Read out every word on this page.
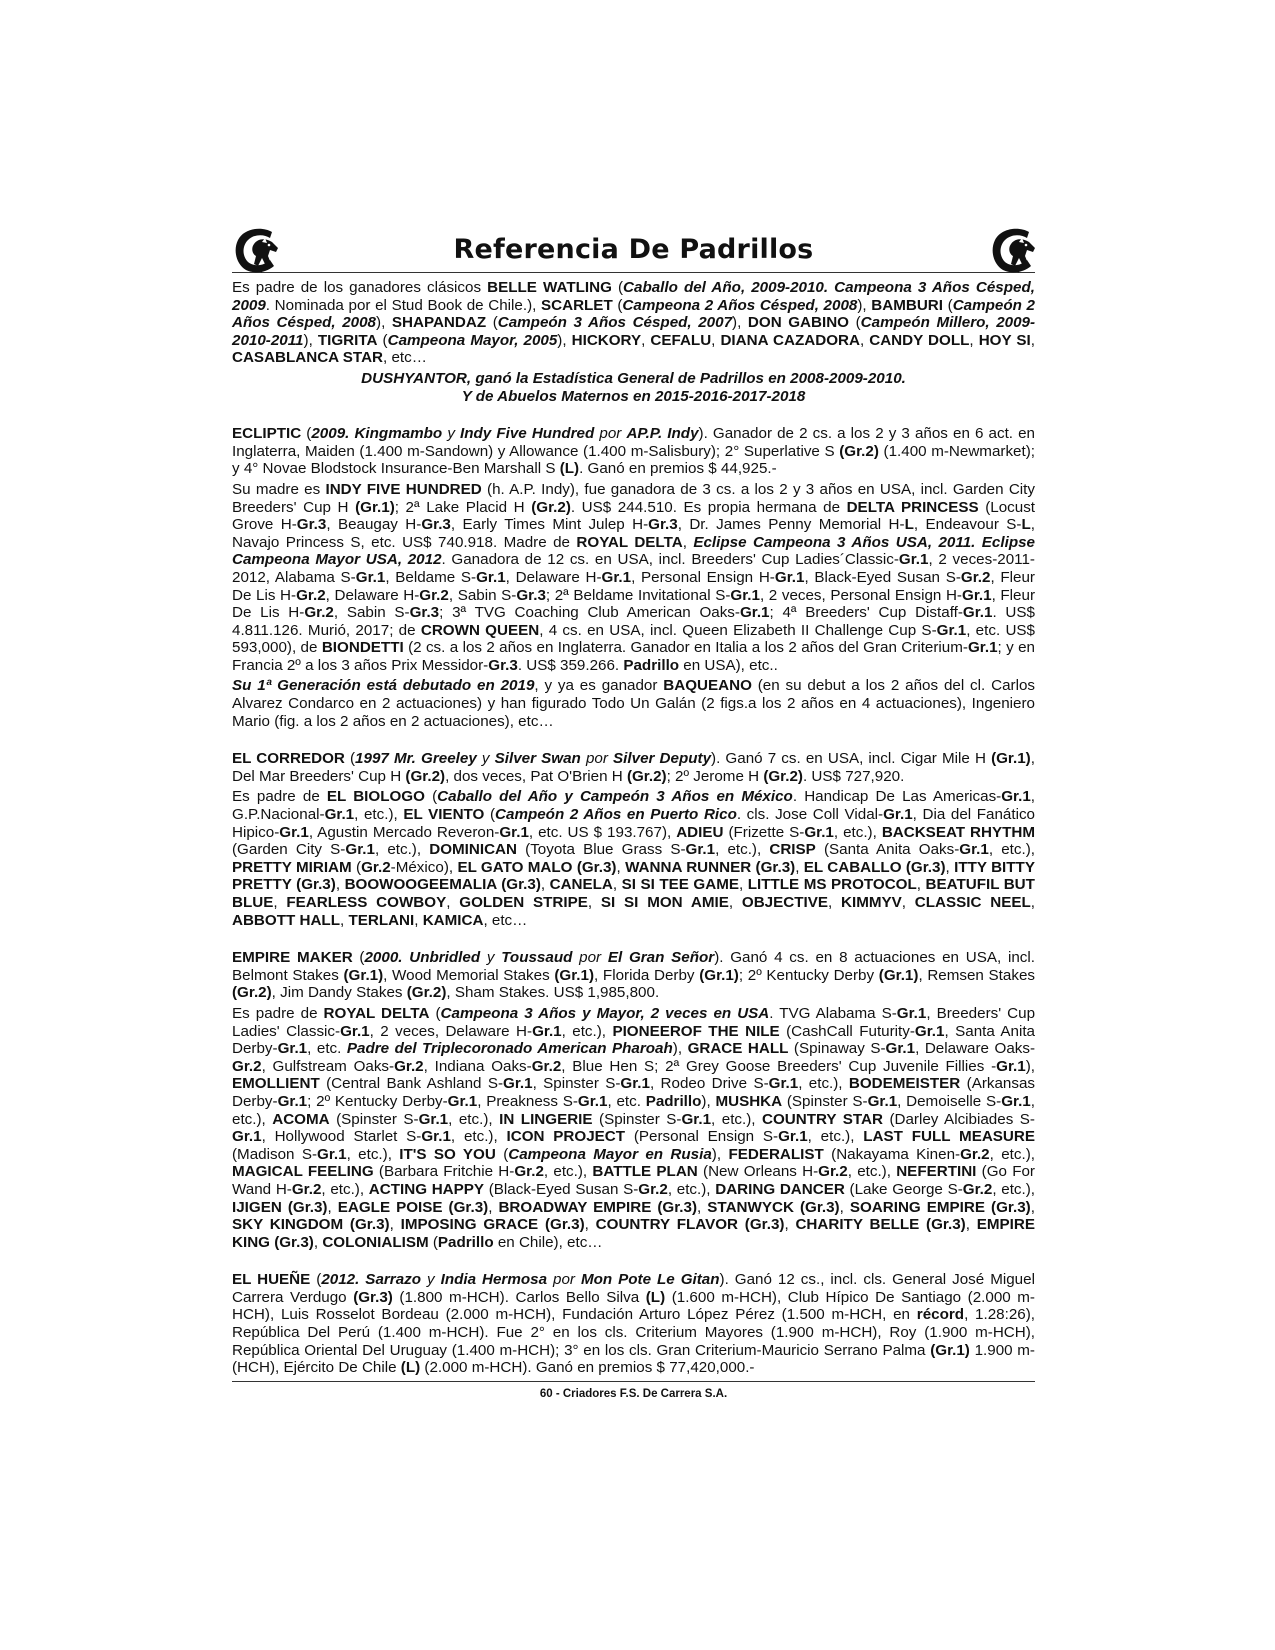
Referencia De Padrillos

Es padre de los ganadores clásicos BELLE WATLING (Caballo del Año, 2009-2010. Campeona 3 Años Césped, 2009. Nominada por el Stud Book de Chile.), SCARLET (Campeona 2 Años Césped, 2008), BAMBURI (Campeón 2 Años Césped, 2008), SHAPANDAZ (Campeón 3 Años Césped, 2007), DON GABINO (Campeón Millero, 2009-2010-2011), TIGRITA (Campeona Mayor, 2005), HICKORY, CEFALU, DIANA CAZADORA, CANDY DOLL, HOY SI, CASABLANCA STAR, etc…

DUSHYANTOR, ganó la Estadística General de Padrillos en 2008-2009-2010.
Y de Abuelos Maternos en 2015-2016-2017-2018

ECLIPTIC (2009. Kingmambo y Indy Five Hundred por AP.P. Indy). Ganador de 2 cs. a los 2 y 3 años en 6 act. en Inglaterra, Maiden (1.400 m-Sandown) y Allowance (1.400 m-Salisbury); 2° Superlative S (Gr.2) (1.400 m-Newmarket); y 4° Novae Blodstock Insurance-Ben Marshall S (L). Ganó en premios $ 44,925.-

Su madre es INDY FIVE HUNDRED (h. A.P. Indy), fue ganadora de 3 cs. a los 2 y 3 años en USA, incl. Garden City Breeders' Cup H (Gr.1); 2ª Lake Placid H (Gr.2). US$ 244.510. Es propia hermana de DELTA PRINCESS (Locust Grove H-Gr.3, Beaugay H-Gr.3, Early Times Mint Julep H-Gr.3, Dr. James Penny Memorial H-L, Endeavour S-L, Navajo Princess S, etc. US$ 740.918. Madre de ROYAL DELTA, Eclipse Campeona 3 Años USA, 2011. Eclipse Campeona Mayor USA, 2012. Ganadora de 12 cs. en USA, incl. Breeders' Cup Ladies´Classic-Gr.1, 2 veces-2011-2012, Alabama S-Gr.1, Beldame S-Gr.1, Delaware H-Gr.1, Personal Ensign H-Gr.1, Black-Eyed Susan S-Gr.2, Fleur De Lis H-Gr.2, Delaware H-Gr.2, Sabin S-Gr.3; 2ª Beldame Invitational S-Gr.1, 2 veces, Personal Ensign H-Gr.1, Fleur De Lis H-Gr.2, Sabin S-Gr.3; 3ª TVG Coaching Club American Oaks-Gr.1; 4ª Breeders' Cup Distaff-Gr.1. US$ 4.811.126. Murió, 2017; de CROWN QUEEN, 4 cs. en USA, incl. Queen Elizabeth II Challenge Cup S-Gr.1, etc. US$ 593,000), de BIONDETTI (2 cs. a los 2 años en Inglaterra. Ganador en Italia a los 2 años del Gran Criterium-Gr.1; y en Francia 2º a los 3 años Prix Messidor-Gr.3. US$ 359.266. Padrillo en USA), etc..

Su 1ª Generación está debutado en 2019, y ya es ganador BAQUEANO (en su debut a los 2 años del cl. Carlos Alvarez Condarco en 2 actuaciones) y han figurado Todo Un Galán (2 figs.a los 2 años en 4 actuaciones), Ingeniero Mario (fig. a los 2 años en 2 actuaciones), etc…

EL CORREDOR (1997 Mr. Greeley y Silver Swan por Silver Deputy). Ganó 7 cs. en USA, incl. Cigar Mile H (Gr.1), Del Mar Breeders' Cup H (Gr.2), dos veces, Pat O'Brien H (Gr.2); 2º Jerome H (Gr.2). US$ 727,920.

Es padre de EL BIOLOGO (Caballo del Año y Campeón 3 Años en México. Handicap De Las Americas-Gr.1, G.P.Nacional-Gr.1, etc.), EL VIENTO (Campeón 2 Años en Puerto Rico. cls. Jose Coll Vidal-Gr.1, Dia del Fanático Hipico-Gr.1, Agustin Mercado Reveron-Gr.1, etc. US $ 193.767), ADIEU (Frizette S-Gr.1, etc.), BACKSEAT RHYTHM (Garden City S-Gr.1, etc.), DOMINICAN (Toyota Blue Grass S-Gr.1, etc.), CRISP (Santa Anita Oaks-Gr.1, etc.), PRETTY MIRIAM (Gr.2-México), EL GATO MALO (Gr.3), WANNA RUNNER (Gr.3), EL CABALLO (Gr.3), ITTY BITTY PRETTY (Gr.3), BOOWOOGEEMALIA (Gr.3), CANELA, SI SI TEE GAME, LITTLE MS PROTOCOL, BEATUFIL BUT BLUE, FEARLESS COWBOY, GOLDEN STRIPE, SI SI MON AMIE, OBJECTIVE, KIMMYV, CLASSIC NEEL, ABBOTT HALL, TERLANI, KAMICA, etc…

EMPIRE MAKER (2000. Unbridled y Toussaud por El Gran Señor). Ganó 4 cs. en 8 actuaciones en USA, incl. Belmont Stakes (Gr.1), Wood Memorial Stakes (Gr.1), Florida Derby (Gr.1); 2º Kentucky Derby (Gr.1), Remsen Stakes (Gr.2), Jim Dandy Stakes (Gr.2), Sham Stakes. US$ 1,985,800.

Es padre de ROYAL DELTA (Campeona 3 Años y Mayor, 2 veces en USA. TVG Alabama S-Gr.1, Breeders' Cup Ladies' Classic-Gr.1, 2 veces, Delaware H-Gr.1, etc.), PIONEEROF THE NILE (CashCall Futurity-Gr.1, Santa Anita Derby-Gr.1, etc. Padre del Triplecoronado American Pharoah), GRACE HALL (Spinaway S-Gr.1, Delaware Oaks-Gr.2, Gulfstream Oaks-Gr.2, Indiana Oaks-Gr.2, Blue Hen S; 2ª Grey Goose Breeders' Cup Juvenile Fillies -Gr.1), EMOLLIENT (Central Bank Ashland S-Gr.1, Spinster S-Gr.1, Rodeo Drive S-Gr.1, etc.), BODEMEISTER (Arkansas Derby-Gr.1; 2º Kentucky Derby-Gr.1, Preakness S-Gr.1, etc. Padrillo), MUSHKA (Spinster S-Gr.1, Demoiselle S-Gr.1, etc.), ACOMA (Spinster S-Gr.1, etc.), IN LINGERIE (Spinster S-Gr.1, etc.), COUNTRY STAR (Darley Alcibiades S-Gr.1, Hollywood Starlet S-Gr.1, etc.), ICON PROJECT (Personal Ensign S-Gr.1, etc.), LAST FULL MEASURE (Madison S-Gr.1, etc.), IT'S SO YOU (Campeona Mayor en Rusia), FEDERALIST (Nakayama Kinen-Gr.2, etc.), MAGICAL FEELING (Barbara Fritchie H-Gr.2, etc.), BATTLE PLAN (New Orleans H-Gr.2, etc.), NEFERTINI (Go For Wand H-Gr.2, etc.), ACTING HAPPY (Black-Eyed Susan S-Gr.2, etc.), DARING DANCER (Lake George S-Gr.2, etc.), IJIGEN (Gr.3), EAGLE POISE (Gr.3), BROADWAY EMPIRE (Gr.3), STANWYCK (Gr.3), SOARING EMPIRE (Gr.3), SKY KINGDOM (Gr.3), IMPOSING GRACE (Gr.3), COUNTRY FLAVOR (Gr.3), CHARITY BELLE (Gr.3), EMPIRE KING (Gr.3), COLONIALISM (Padrillo en Chile), etc…

EL HUEÑE (2012. Sarrazo y India Hermosa por Mon Pote Le Gitan). Ganó 12 cs., incl. cls. General José Miguel Carrera Verdugo (Gr.3) (1.800 m-HCH). Carlos Bello Silva (L) (1.600 m-HCH), Club Hípico De Santiago (2.000 m-HCH), Luis Rosselot Bordeau (2.000 m-HCH), Fundación Arturo López Pérez (1.500 m-HCH, en récord, 1.28:26), República Del Perú (1.400 m-HCH). Fue 2° en los cls. Criterium Mayores (1.900 m-HCH), Roy (1.900 m-HCH), República Oriental Del Uruguay (1.400 m-HCH); 3° en los cls. Gran Criterium-Mauricio Serrano Palma (Gr.1) 1.900 m-(HCH), Ejército De Chile (L) (2.000 m-HCH). Ganó en premios $ 77,420,000.-

60 - Criadores F.S. De Carrera S.A.
